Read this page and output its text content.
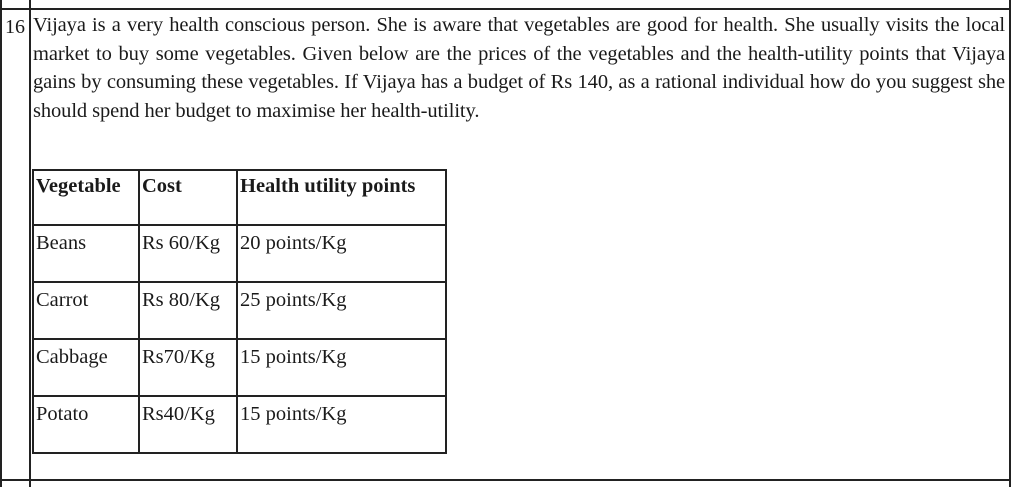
16 Vijaya is a very health conscious person. She is aware that vegetables are good for health. She usually visits the local market to buy some vegetables. Given below are the prices of the vegetables and the health-utility points that Vijaya gains by consuming these vegetables. If Vijaya has a budget of Rs 140, as a rational individual how do you suggest she should spend her budget to maximise her health-utility.
Vegetable	Cost	Health utility points
Beans	Rs 60/Kg	20 points/Kg
Carrot	Rs 80/Kg	25 points/Kg
Cabbage	Rs70/Kg	15 points/Kg
Potato	Rs40/Kg	15 points/Kg
